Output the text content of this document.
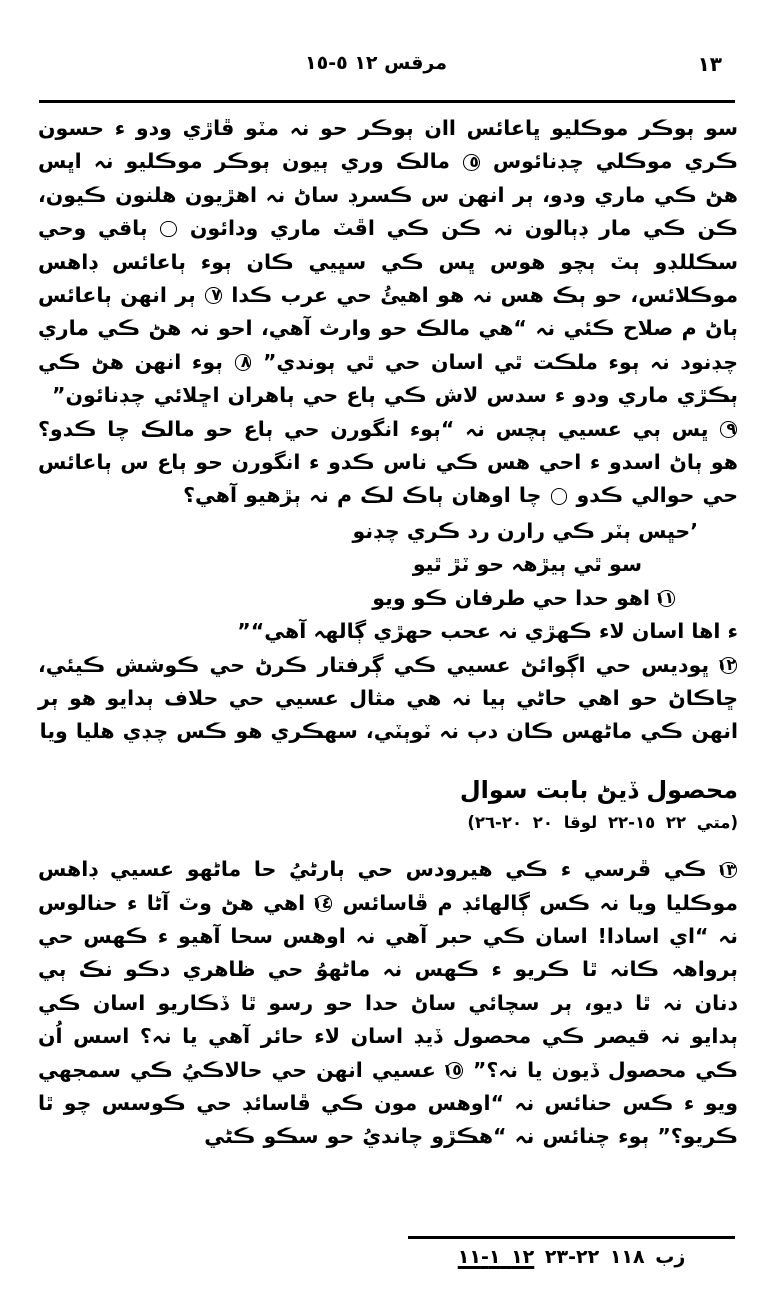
مرقس ١٢ ٥-١٥	١٣

سو ٻوڪر موڪليو ڀاعائس اان ٻوڪر حو نہ مٽو ڦاڙي ودو ء حسون ڪري موڪلي چڊنائوس ٥ مالڪ وري ٻيون ٻوڪر موڪليو نہ اڀس ھڻ ڪي ماري ودو، ٻر انھن س ڪسرڊ ساڻ نہ اھڙيون ھلنون ڪيون، ڪن ڪي مار ڊٻالون نہ ڪن ڪي اڦٽ ماري ودائون  ٻاقي وحي سڪللڊو ٻٽ ٻچو ھوس ڀس ڪي سڀيي ڪان ٻوء ٻاعائس ڊاھس موڪلائس، حو ٻڪ ھس نہ ھو اھيئُ حي عرب ڪدا ٧ ٻر انھن ٻاعائس ٻاڻ م صلاح ڪئي نہ “ھي مالڪ حو وارث آھي، احو نہ ھڻ ڪي ماري چڊنود نہ ٻوء ملڪت ٿي اسان حي ٿي ٻوندي” ٨ ٻوء انھن ھڻ ڪي ٻڪڙي ماري ودو ء سدس لاش ڪي ٻاع حي ٻاھران اڇلائي چڊنائون”

٩ ڀس ٻي عسيي ٻچس نہ “ٻوء انگورن حي ٻاع حو مالڪ چا ڪدو؟ ھو ٻاڻ اسدو ء احي ھس ڪي ناس ڪدو ء انگورن حو ٻاع س ٻاعائس حي حوالي ڪدو  چا اوھان ٻاڪ لڪ م نہ ٻڙھيو آھي؟

’حڀس ٻٽر ڪي رارن رد ڪري چڊنو
سو ٿي ٻيڙھہ حو ٽڙ ٿيو
١١ اھو حدا حي طرفان ڪو ويو
ء اھا اسان لاء ڪھڙي نہ عحب حھڙي ڳالھہ آھي“”

١٢ ڀوديس حي اڳوائڻ عسيي ڪي ڳرفتار ڪرڻ حي ڪوشش ڪيئي، ڇاڪاڻ حو اھي حاڻي ٻيا نہ ھي مثال عسيي حي حلاف ٻدايو ھو ٻر انھن ڪي ماڻھس ڪان دٻ نہ ٽوٻٽي، سھڪري ھو ڪس چڊي ھليا ويا

محصول ڏيڻ بابت سوال
(متي ٢٢ ١٥-٢٢ لوقا ٢٠ ٢٠-٢٦)

١٣ ڪي ڦرسي ء ڪي ھيرودس حي ٻارڻيُ حا ماڻھو عسيي ڊاھس موڪليا ويا نہ ڪس ڳالھائڊ م ڦاسائس ١٤ اھي ھڻ وٽ آڻا ء حنالوس نہ “اي اسادا! اسان ڪي حبر آھي نہ اوھس سحا آھيو ء ڪھس حي ٻرواھہ ڪانہ ٿا ڪريو ء ڪھس نہ ماڻھوُ حي ظاھري دڪو نڪ ٻي دنان نہ ٿا ديو، ٻر سچائي ساڻ حدا حو رسو ٿا ڏڪاريو اسان ڪي ٻدايو نہ قيصر ڪي محصول ڏيڊ اسان لاء حائر آھي يا نہ؟ اسس اُن ڪي محصول ڏيون يا نہ؟” ١٥ عسيي انھن حي حالاڪيُ ڪي سمجھي ويو ء ڪس حنائس نہ “اوھس مون ڪي ڦاسائڊ حي ڪوسس چو ٿا ڪريو؟” ٻوء چنائس نہ “ھڪڙو چانديُ حو سڪو ڪڻي

زب ١١٨ ٢٢-٢٣ ١٢ ١-١١
